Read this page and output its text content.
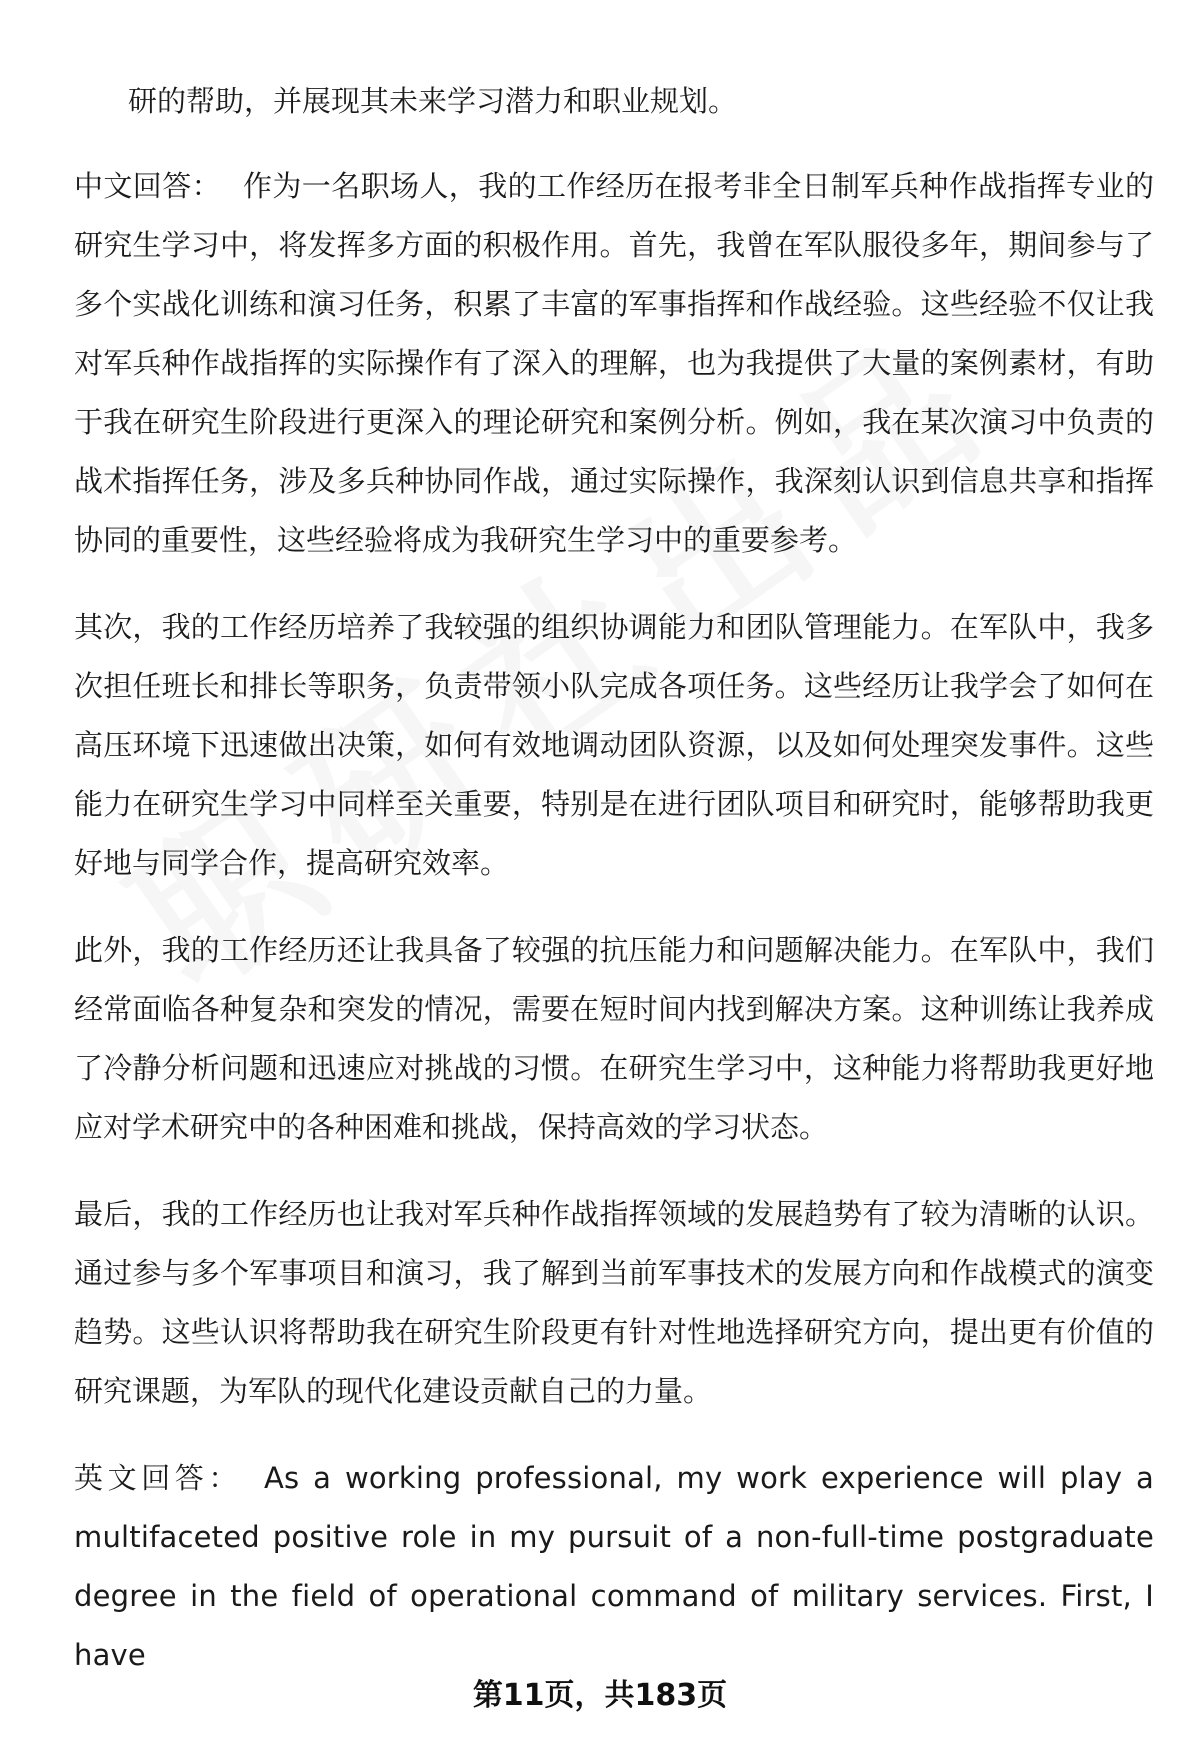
研的帮助，并展现其未来学习潜力和职业规划。

中文回答： 作为一名职场人，我的工作经历在报考非全日制军兵种作战指挥专业的研究生学习中，将发挥多方面的积极作用。首先，我曾在军队服役多年，期间参与了多个实战化训练和演习任务，积累了丰富的军事指挥和作战经验。这些经验不仅让我对军兵种作战指挥的实际操作有了深入的理解，也为我提供了大量的案例素材，有助于我在研究生阶段进行更深入的理论研究和案例分析。例如，我在某次演习中负责的战术指挥任务，涉及多兵种协同作战，通过实际操作，我深刻认识到信息共享和指挥协同的重要性，这些经验将成为我研究生学习中的重要参考。

其次，我的工作经历培养了我较强的组织协调能力和团队管理能力。在军队中，我多次担任班长和排长等职务，负责带领小队完成各项任务。这些经历让我学会了如何在高压环境下迅速做出决策，如何有效地调动团队资源，以及如何处理突发事件。这些能力在研究生学习中同样至关重要，特别是在进行团队项目和研究时，能够帮助我更好地与同学合作，提高研究效率。

此外，我的工作经历还让我具备了较强的抗压能力和问题解决能力。在军队中，我们经常面临各种复杂和突发的情况，需要在短时间内找到解决方案。这种训练让我养成了冷静分析问题和迅速应对挑战的习惯。在研究生学习中，这种能力将帮助我更好地应对学术研究中的各种困难和挑战，保持高效的学习状态。

最后，我的工作经历也让我对军兵种作战指挥领域的发展趋势有了较为清晰的认识。通过参与多个军事项目和演习，我了解到当前军事技术的发展方向和作战模式的演变趋势。这些认识将帮助我在研究生阶段更有针对性地选择研究方向，提出更有价值的研究课题，为军队的现代化建设贡献自己的力量。

英文回答： As a working professional, my work experience will play a multifaceted positive role in my pursuit of a non-full-time postgraduate degree in the field of operational command of military services. First, I have

第11页，共183页
